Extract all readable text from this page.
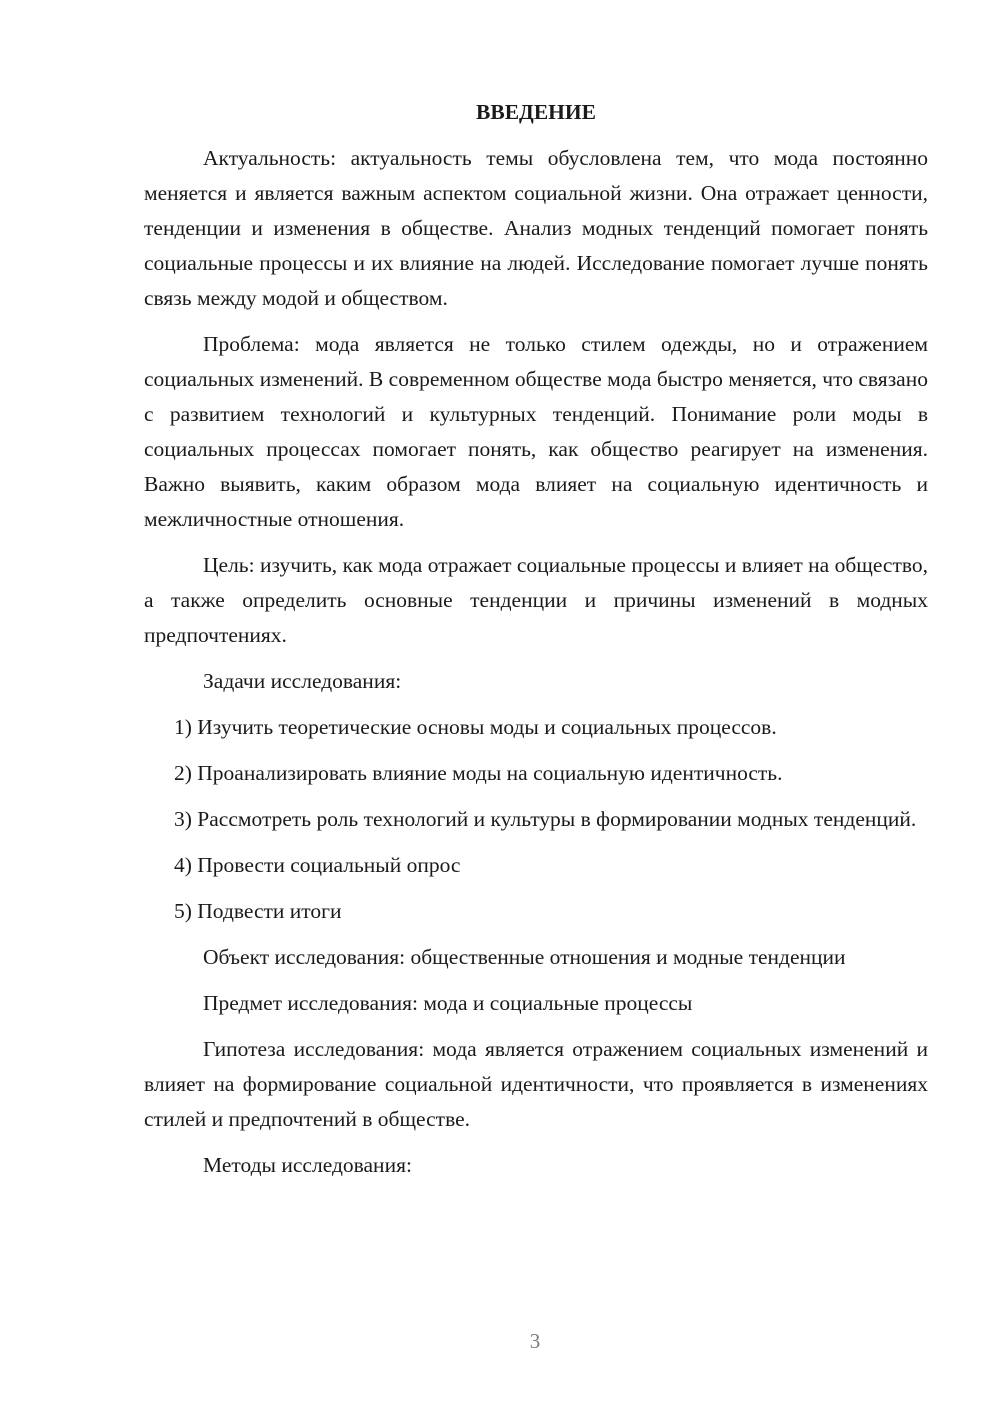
ВВЕДЕНИЕ

Актуальность: актуальность темы обусловлена тем, что мода постоянно меняется и является важным аспектом социальной жизни. Она отражает ценности, тенденции и изменения в обществе. Анализ модных тенденций помогает понять социальные процессы и их влияние на людей. Исследование помогает лучше понять связь между модой и обществом.

Проблема: мода является не только стилем одежды, но и отражением социальных изменений. В современном обществе мода быстро меняется, что связано с развитием технологий и культурных тенденций. Понимание роли моды в социальных процессах помогает понять, как общество реагирует на изменения. Важно выявить, каким образом мода влияет на социальную идентичность и межличностные отношения.

Цель: изучить, как мода отражает социальные процессы и влияет на общество, а также определить основные тенденции и причины изменений в модных предпочтениях.

Задачи исследования:

1) Изучить теоретические основы моды и социальных процессов.

2) Проанализировать влияние моды на социальную идентичность.

3) Рассмотреть роль технологий и культуры в формировании модных тенденций.

4) Провести социальный опрос

5) Подвести итоги

Объект исследования: общественные отношения и модные тенденции

Предмет исследования: мода и социальные процессы

Гипотеза исследования: мода является отражением социальных изменений и влияет на формирование социальной идентичности, что проявляется в изменениях стилей и предпочтений в обществе.

Методы исследования:

3
